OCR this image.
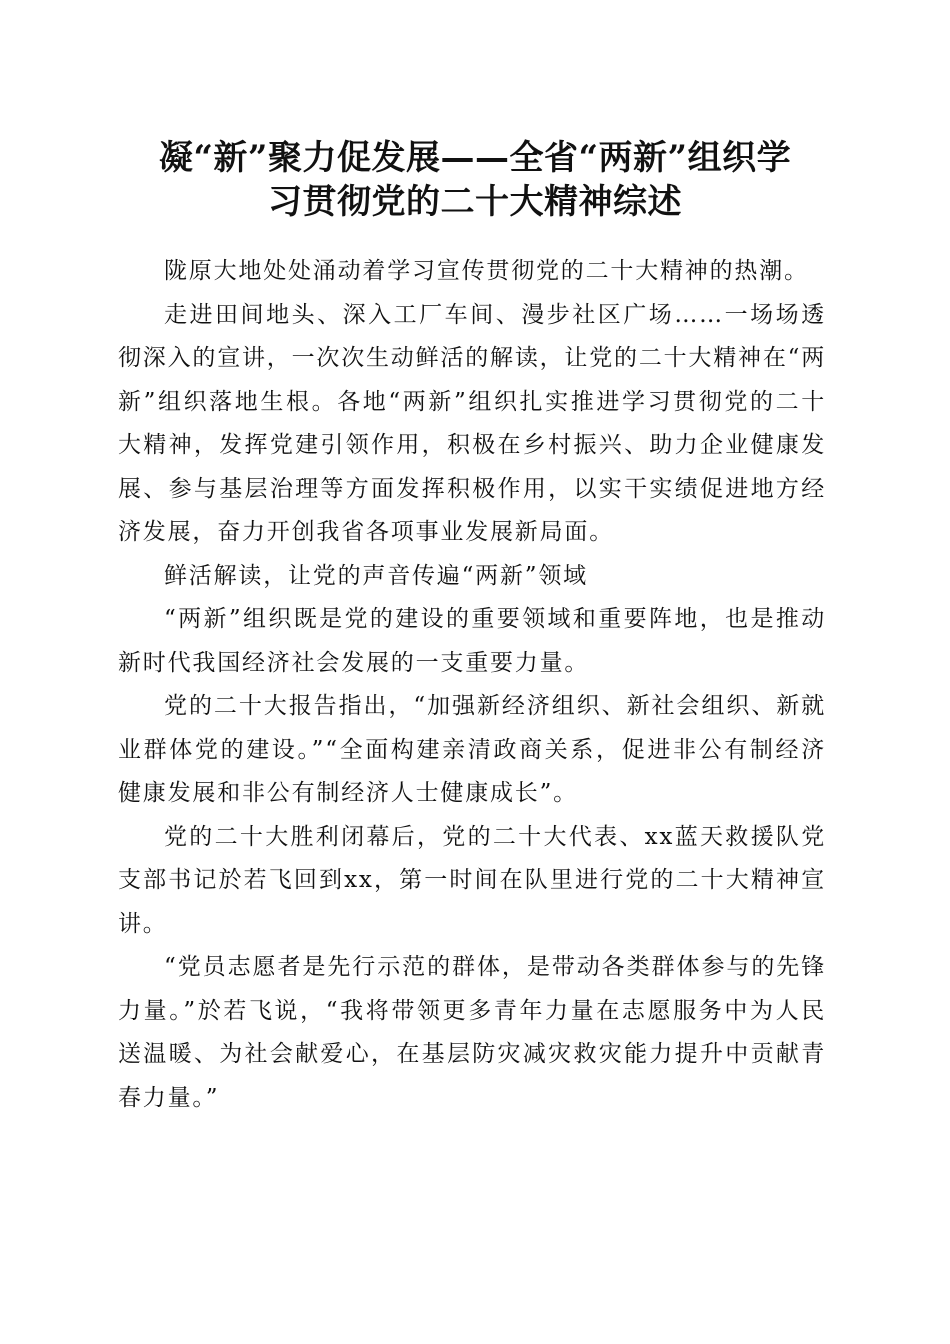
凝“新”聚力促发展——全省“两新”组织学
习贯彻党的二十大精神综述

陇原大地处处涌动着学习宣传贯彻党的二十大精神的热潮。

走进田间地头、深入工厂车间、漫步社区广场……一场场透彻深入的宣讲，一次次生动鲜活的解读，让党的二十大精神在“两新”组织落地生根。各地“两新”组织扎实推进学习贯彻党的二十大精神，发挥党建引领作用，积极在乡村振兴、助力企业健康发展、参与基层治理等方面发挥积极作用，以实干实绩促进地方经济发展，奋力开创我省各项事业发展新局面。

鲜活解读，让党的声音传遍“两新”领域

“两新”组织既是党的建设的重要领域和重要阵地，也是推动新时代我国经济社会发展的一支重要力量。

党的二十大报告指出，“加强新经济组织、新社会组织、新就业群体党的建设。”“全面构建亲清政商关系，促进非公有制经济健康发展和非公有制经济人士健康成长”。

党的二十大胜利闭幕后，党的二十大代表、xx蓝天救援队党支部书记於若飞回到xx，第一时间在队里进行党的二十大精神宣讲。

“党员志愿者是先行示范的群体，是带动各类群体参与的先锋力量。”於若飞说，“我将带领更多青年力量在志愿服务中为人民送温暖、为社会献爱心，在基层防灾减灾救灾能力提升中贡献青春力量。”
